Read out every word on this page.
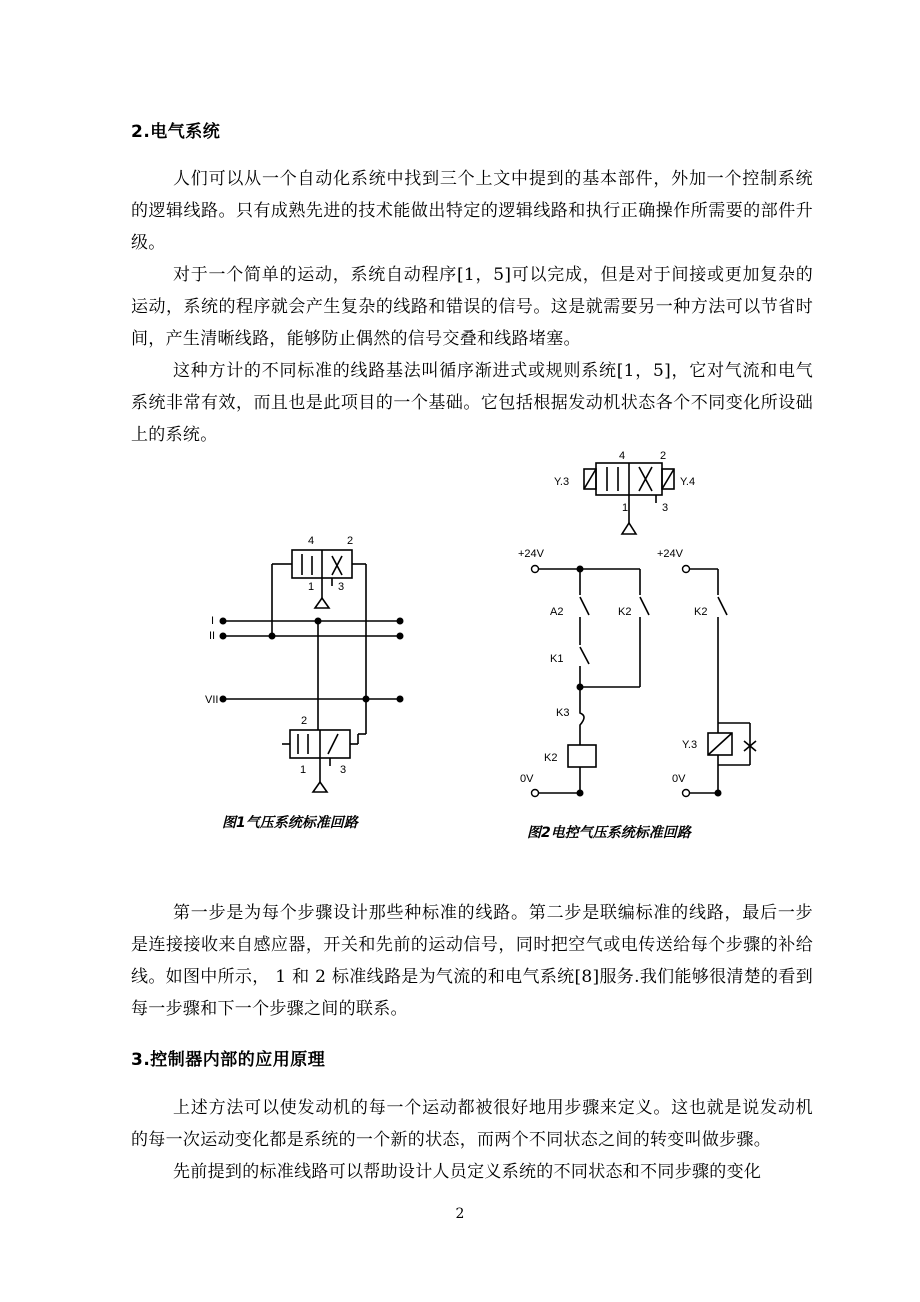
2.电气系统

人们可以从一个自动化系统中找到三个上文中提到的基本部件，外加一个控制系统的逻辑线路。只有成熟先进的技术能做出特定的逻辑线路和执行正确操作所需要的部件升级。

对于一个简单的运动，系统自动程序[1，5]可以完成，但是对于间接或更加复杂的运动，系统的程序就会产生复杂的线路和错误的信号。这是就需要另一种方法可以节省时间，产生清晰线路，能够防止偶然的信号交叠和线路堵塞。

这种方计的不同标准的线路基法叫循序渐进式或规则系统[1，5]，它对气流和电气系统非常有效，而且也是此项目的一个基础。它包括根据发动机状态各个不同变化所设础上的系统。

4	2
1 3
I
II
VII
2
1	3

图1气压系统标准回路

4	2
1	3
Y.3	Y.4
+24V	+24V
A2	K2	K2
K1
K3
K2
Y.3
0V	0V

图2电控气压系统标准回路

第一步是为每个步骤设计那些种标准的线路。第二步是联编标准的线路，最后一步是连接接收来自感应器，开关和先前的运动信号，同时把空气或电传送给每个步骤的补给线。如图中所示， 1 和 2 标准线路是为气流的和电气系统[8]服务.我们能够很清楚的看到每一步骤和下一个步骤之间的联系。

3.控制器内部的应用原理

上述方法可以使发动机的每一个运动都被很好地用步骤来定义。这也就是说发动机的每一次运动变化都是系统的一个新的状态，而两个不同状态之间的转变叫做步骤。

先前提到的标准线路可以帮助设计人员定义系统的不同状态和不同步骤的变化

2
